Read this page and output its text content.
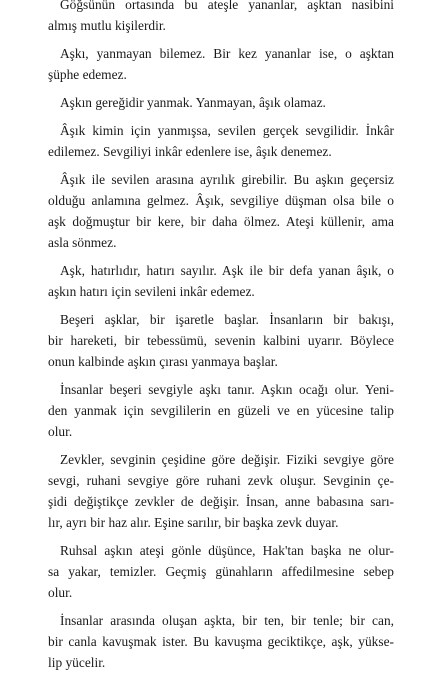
Göğsünün ortasında bu ateşle yananlar, aşktan nasibini
almış mutlu kişilerdir.
Aşkı, yanmayan bilemez. Bir kez yananlar ise, o aşktan
şüphe edemez.
Aşkın gereğidir yanmak. Yanmayan, âşık olamaz.
Âşık kimin için yanmışsa, sevilen gerçek sevgilidir. İnkâr
edilemez. Sevgiliyi inkâr edenlere ise, âşık denemez.
Âşık ile sevilen arasına ayrılık girebilir. Bu aşkın geçersiz
olduğu anlamına gelmez. Âşık, sevgiliye düşman olsa bile o
aşk doğmuştur bir kere, bir daha ölmez. Ateşi küllenir, ama
asla sönmez.
Aşk, hatırlıdır, hatırı sayılır. Aşk ile bir defa yanan âşık, o
aşkın hatırı için sevileni inkâr edemez.
Beşeri aşklar, bir işaretle başlar. İnsanların bir bakışı,
bir hareketi, bir tebessümü, sevenin kalbini uyarır. Böylece
onun kalbinde aşkın çırası yanmaya başlar.
İnsanlar beşeri sevgiyle aşkı tanır. Aşkın ocağı olur. Yeni-
den yanmak için sevgililerin en güzeli ve en yücesine talip
olur.
Zevkler, sevginin çeşidine göre değişir. Fiziki sevgiye göre
sevgi, ruhani sevgiye göre ruhani zevk oluşur. Sevginin çe-
şidi değiştikçe zevkler de değişir. İnsan, anne babasına sarı-
lır, ayrı bir haz alır. Eşine sarılır, bir başka zevk duyar.
Ruhsal aşkın ateşi gönle düşünce, Hak'tan başka ne olur-
sa yakar, temizler. Geçmiş günahların affedilmesine sebep
olur.
İnsanlar arasında oluşan aşkta, bir ten, bir tenle; bir can,
bir canla kavuşmak ister. Bu kavuşma geciktikçe, aşk, yükse-
lip yücelir.
